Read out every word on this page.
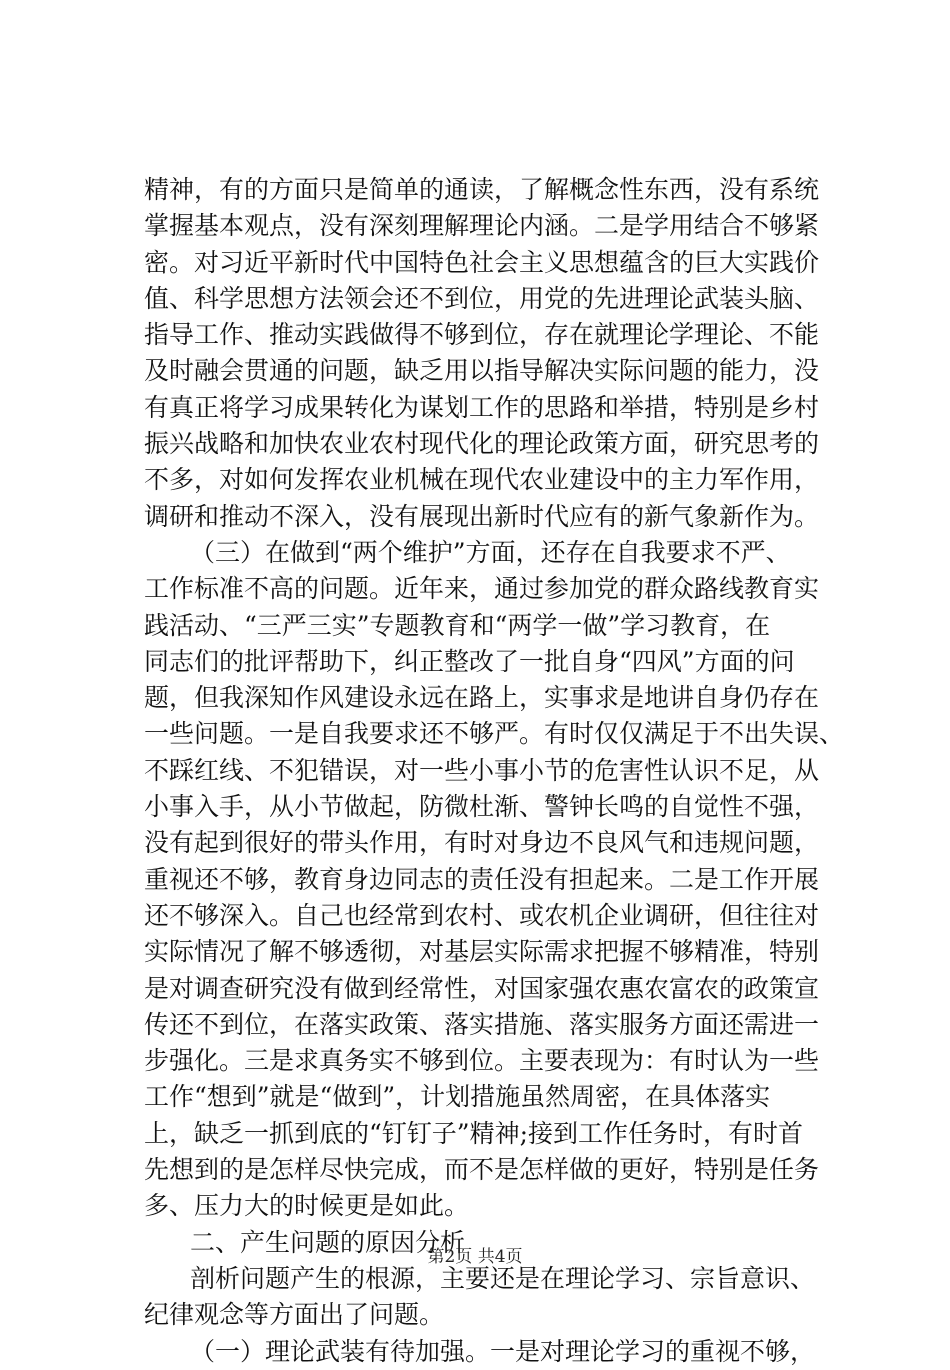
精神，有的方面只是简单的通读，了解概念性东西，没有系统
掌握基本观点，没有深刻理解理论内涵。二是学用结合不够紧
密。对习近平新时代中国特色社会主义思想蕴含的巨大实践价
值、科学思想方法领会还不到位，用党的先进理论武装头脑、
指导工作、推动实践做得不够到位，存在就理论学理论、不能
及时融会贯通的问题，缺乏用以指导解决实际问题的能力，没
有真正将学习成果转化为谋划工作的思路和举措，特别是乡村
振兴战略和加快农业农村现代化的理论政策方面，研究思考的
不多，对如何发挥农业机械在现代农业建设中的主力军作用，
调研和推动不深入，没有展现出新时代应有的新气象新作为。
（三）在做到“两个维护”方面，还存在自我要求不严、
工作标准不高的问题。近年来，通过参加党的群众路线教育实
践活动、“三严三实”专题教育和“两学一做”学习教育，在
同志们的批评帮助下，纠正整改了一批自身“四风”方面的问
题，但我深知作风建设永远在路上，实事求是地讲自身仍存在
一些问题。一是自我要求还不够严。有时仅仅满足于不出失误、
不踩红线、不犯错误，对一些小事小节的危害性认识不足，从
小事入手，从小节做起，防微杜渐、警钟长鸣的自觉性不强，
没有起到很好的带头作用，有时对身边不良风气和违规问题，
重视还不够，教育身边同志的责任没有担起来。二是工作开展
还不够深入。自己也经常到农村、或农机企业调研，但往往对
实际情况了解不够透彻，对基层实际需求把握不够精准，特别
是对调查研究没有做到经常性，对国家强农惠农富农的政策宣
传还不到位，在落实政策、落实措施、落实服务方面还需进一
步强化。三是求真务实不够到位。主要表现为：有时认为一些
工作“想到”就是“做到”，计划措施虽然周密，在具体落实
上，缺乏一抓到底的“钉钉子”精神;接到工作任务时，有时首
先想到的是怎样尽快完成，而不是怎样做的更好，特别是任务
多、压力大的时候更是如此。
二、产生问题的原因分析
剖析问题产生的根源，主要还是在理论学习、宗旨意识、
纪律观念等方面出了问题。
（一）理论武装有待加强。一是对理论学习的重视不够，
第2页 共4页
